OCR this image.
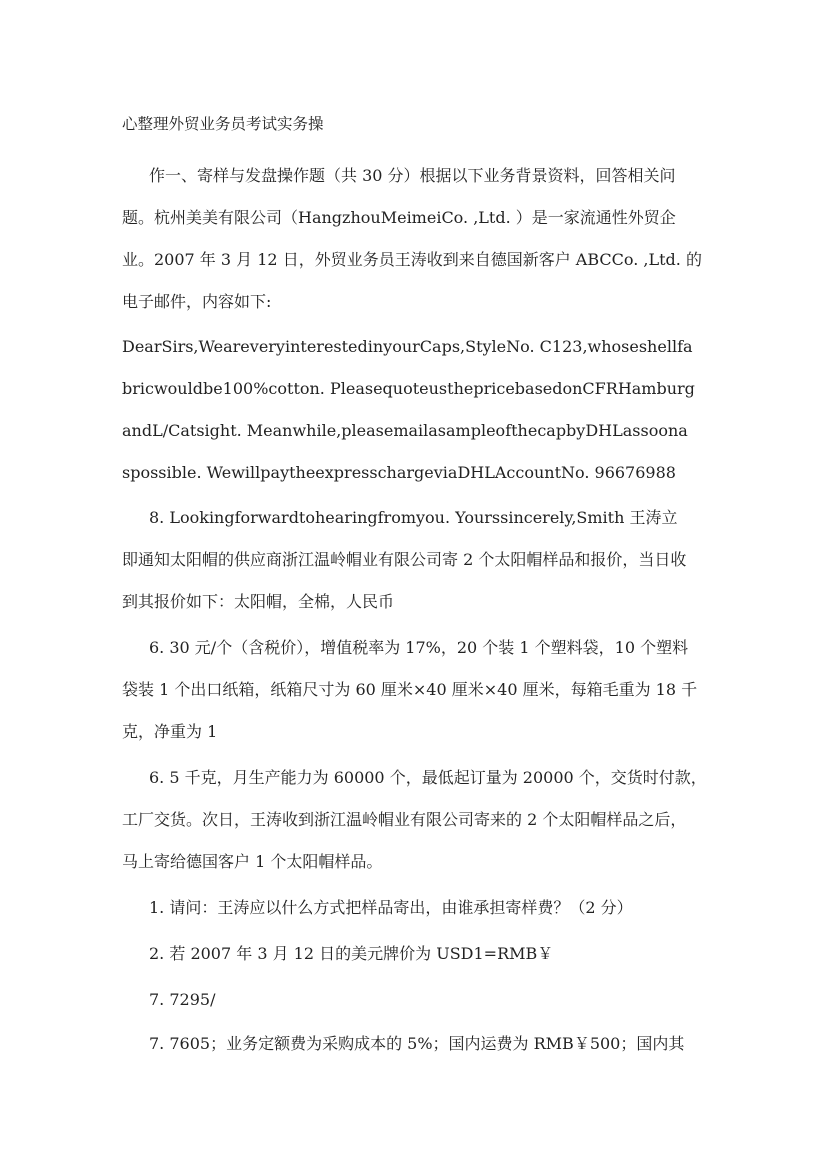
心整理外贸业务员考试实务操
作一、寄样与发盘操作题（共 30 分）根据以下业务背景资料，回答相关问
题。杭州美美有限公司（HangzhouMeimeiCo. ,Ltd. ）是一家流通性外贸企
业。2007 年 3 月 12 日，外贸业务员王涛收到来自德国新客户 ABCCo. ,Ltd. 的
电子邮件，内容如下:
DearSirs,WeareveryinterestedinyourCaps,StyleNo. C123,whoseshellfa
bricwouldbe100%cotton. PleasequoteusthepricebasedonCFRHamburg
andL/Catsight. Meanwhile,pleasemailasampleofthecapbyDHLassoona
spossible. WewillpaytheexpresschargeviaDHLAccountNo. 96676988
8. Lookingforwardtohearingfromyou. Yourssincerely,Smith 王涛立
即通知太阳帽的供应商浙江温岭帽业有限公司寄 2 个太阳帽样品和报价，当日收
到其报价如下：太阳帽，全棉，人民币
6. 30 元/个（含税价），增值税率为 17%，20 个装 1 个塑料袋，10 个塑料
袋装 1 个出口纸箱，纸箱尺寸为 60 厘米×40 厘米×40 厘米，每箱毛重为 18 千
克，净重为 1
6. 5 千克，月生产能力为 60000 个，最低起订量为 20000 个，交货时付款，
工厂交货。次日，王涛收到浙江温岭帽业有限公司寄来的 2 个太阳帽样品之后，
马上寄给德国客户 1 个太阳帽样品。
1. 请问：王涛应以什么方式把样品寄出，由谁承担寄样费？（2 分）
2. 若 2007 年 3 月 12 日的美元牌价为 USD1=RMB￥
7. 7295/
7. 7605；业务定额费为采购成本的 5%；国内运费为 RMB￥500；国内其
